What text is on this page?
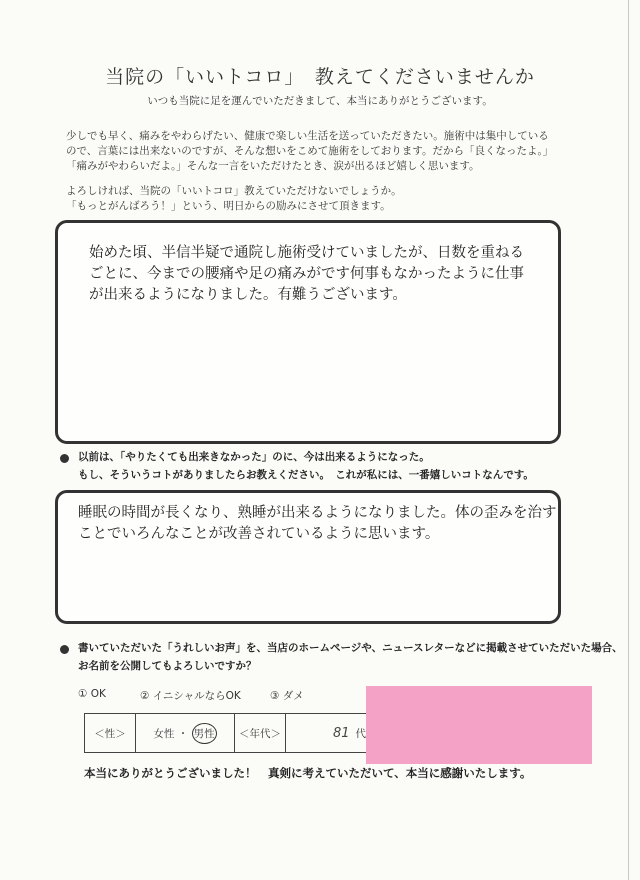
当院の「いいトコロ」　教えてくださいませんか
いつも当院に足を運んでいただきまして、本当にありがとうございます。
少しでも早く、痛みをやわらげたい、健康で楽しい生活を送っていただきたい。施術中は集中している
ので、言葉には出来ないのですが、そんな想いをこめて施術をしております。だから「良くなったよ。」
「痛みがやわらいだよ。」そんな一言をいただけたとき、涙が出るほど嬉しく思います。
よろしければ、当院の「いいトコロ」教えていただけないでしょうか。
「もっとがんばろう！」という、明日からの励みにさせて頂きます。
始めた頃、半信半疑で通院し施術受けていましたが、日数を重ねる
ごとに、今までの腰痛や足の痛みがです何事もなかったように仕事
が出来るようになりました。有難うございます。
以前は、「やりたくても出来きなかった」のに、今は出来るようになった。
もし、そういうコトがありましたらお教えください。　これが私には、一番嬉しいコトなんです。
睡眠の時間が長くなり、熟睡が出来るようになりました。体の歪みを治す
ことでいろんなことが改善されているように思います。
書いていただいた「うれしいお声」を、当店のホームページや、ニュースレターなどに掲載させていただいた場合、
お名前を公開してもよろしいですか？
① OK	② イニシャルならOK	③ ダメ
＜性＞	女性 ・ 男性	＜年代＞	81 代
本当にありがとうございました！　真剣に考えていただいて、本当に感謝いたします。
